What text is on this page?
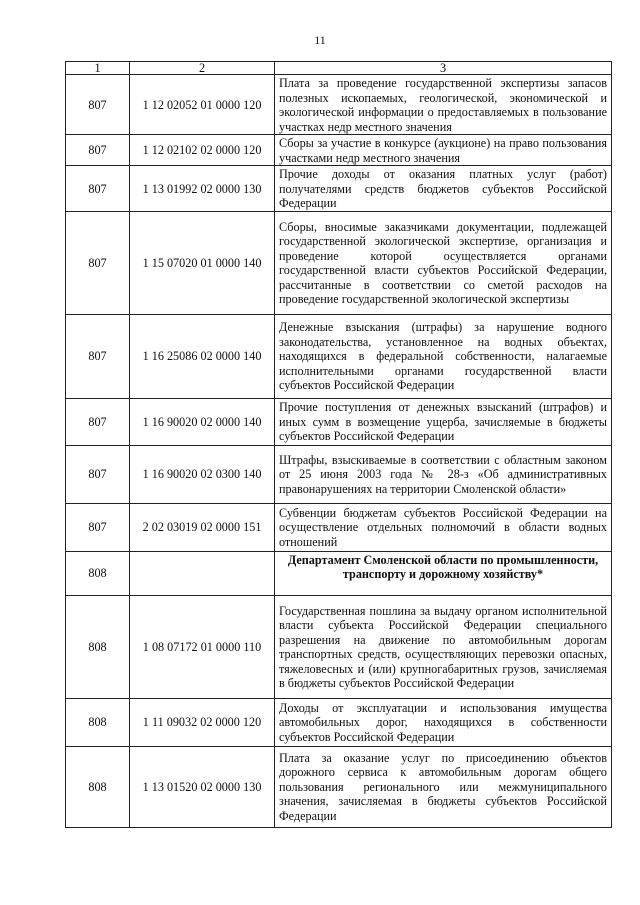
11
1	2	3
807	1 12 02052 01 0000 120	Плата за проведение государственной экспертизы запасов полезных ископаемых, геологической, экономической и экологической информации о предоставляемых в пользование участках недр местного значения
807	1 12 02102 02 0000 120	Сборы за участие в конкурсе (аукционе) на право пользования участками недр местного значения
807	1 13 01992 02 0000 130	Прочие доходы от оказания платных услуг (работ) получателями средств бюджетов субъектов Российской Федерации
807	1 15 07020 01 0000 140	Сборы, вносимые заказчиками документации, подлежащей государственной экологической экспертизе, организация и проведение которой осуществляется органами государственной власти субъектов Российской Федерации, рассчитанные в соответствии со сметой расходов на проведение государственной экологической экспертизы
807	1 16 25086 02 0000 140	Денежные взыскания (штрафы) за нарушение водного законодательства, установленное на водных объектах, находящихся в федеральной собственности, налагаемые исполнительными органами государственной власти субъектов Российской Федерации
807	1 16 90020 02 0000 140	Прочие поступления от денежных взысканий (штрафов) и иных сумм в возмещение ущерба, зачисляемые в бюджеты субъектов Российской Федерации
807	1 16 90020 02 0300 140	Штрафы, взыскиваемые в соответствии с областным законом от 25 июня 2003 года № 28-з «Об административных правонарушениях на территории Смоленской области»
807	2 02 03019 02 0000 151	Субвенции бюджетам субъектов Российской Федерации на осуществление отдельных полномочий в области водных отношений
808		Департамент Смоленской области по промышленности, транспорту и дорожному хозяйству*
808	1 08 07172 01 0000 110	Государственная пошлина за выдачу органом исполнительной власти субъекта Российской Федерации специального разрешения на движение по автомобильным дорогам транспортных средств, осуществляющих перевозки опасных, тяжеловесных и (или) крупногабаритных грузов, зачисляемая в бюджеты субъектов Российской Федерации
808	1 11 09032 02 0000 120	Доходы от эксплуатации и использования имущества автомобильных дорог, находящихся в собственности субъектов Российской Федерации
808	1 13 01520 02 0000 130	Плата за оказание услуг по присоединению объектов дорожного сервиса к автомобильным дорогам общего пользования регионального или межмуниципального значения, зачисляемая в бюджеты субъектов Российской Федерации
